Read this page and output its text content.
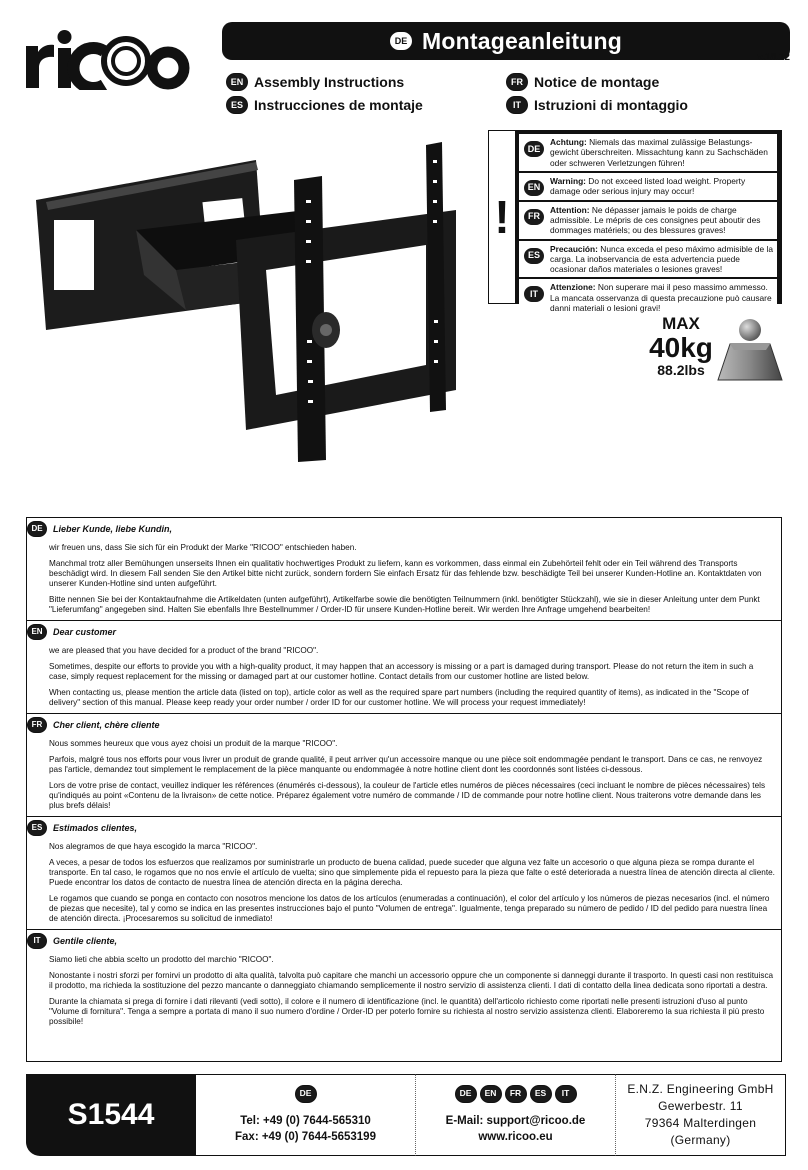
DE Montageanleitung
v.18.12
EN Assembly Instructions	FR Notice de montage
ES Instrucciones de montaje	IT Istruzioni di montaggio
!
DE
Achtung: Niemals das maximal zulässige Belastungs-gewicht überschreiten. Missachtung kann zu Sachschäden oder schweren Verletzungen führen!
EN
Warning: Do not exceed listed load weight. Property damage oder serious injury may occur!
FR
Attention: Ne dépasser jamais le poids de charge admissible. Le mépris de ces consignes peut aboutir des dommages matériels; ou des blessures graves!
ES
Precaución: Nunca exceda el peso máximo admisible de la carga. La inobservancia de esta advertencia puede ocasionar daños materiales o lesiones graves!
IT
Attenzione: Non superare mai il peso massimo ammesso. La mancata osservanza di questa precauzione può causare danni materiali o lesioni gravi!
MAX
40kg
88.2lbs
DE	Lieber Kunde, liebe Kundin,

wir freuen uns, dass Sie sich für ein Produkt der Marke "RICOO" entschieden haben.

Manchmal trotz aller Bemühungen unserseits Ihnen ein qualitativ hochwertiges Produkt zu liefern, kann es vorkommen, dass einmal ein Zubehörteil fehlt oder ein Teil während des Transports beschädigt wird. In diesem Fall senden Sie den Artikel bitte nicht zurück, sondern fordern Sie einfach Ersatz für das fehlende bzw. beschädigte Teil bei unserer Kunden-Hotline an. Kontaktdaten von unserer Kunden-Hotline sind unten aufgeführt.

Bitte nennen Sie bei der Kontaktaufnahme die Artikeldaten (unten aufgeführt), Artikelfarbe sowie die benötigten Teilnummern (inkl. benötigter Stückzahl), wie sie in dieser Anleitung unter dem Punkt "Lieferumfang" angegeben sind. Halten Sie ebenfalls Ihre Bestellnummer / Order-ID für unsere Kunden-Hotline bereit. Wir werden Ihre Anfrage umgehend bearbeiten!

EN	Dear customer

we are pleased that you have decided for a product of the brand "RICOO".

Sometimes, despite our efforts to provide you with a high-quality product, it may happen that an accessory is missing or a part is damaged during transport. Please do not return the item in such a case, simply request replacement for the missing or damaged part at our customer hotline. Contact details from our customer hotline are listed below.

When contacting us, please mention the article data (listed on top), article color as well as the required spare part numbers (including the required quantity of items), as indicated in the "Scope of delivery" section of this manual. Please keep ready your order number / order ID for our customer hotline. We will process your request immediately!

FR	Cher client, chère cliente

Nous sommes heureux que vous ayez choisi un produit de la marque "RICOO".

Parfois, malgré tous nos efforts pour vous livrer un produit de grande qualité, il peut arriver qu'un accessoire manque ou une pièce soit endommagée pendant le transport. Dans ce cas, ne renvoyez pas l'article, demandez tout simplement le remplacement de la pièce manquante ou endommagée à notre hotline client dont les coordonnés sont listées ci-dessous.

Lors de votre prise de contact, veuillez indiquer les références (énumérés ci-dessous), la couleur de l'article etles numéros de pièces nécessaires (ceci incluant le nombre de pièces nécessaires) tels qu'indiqués au point «Contenu de la livraison» de cette notice. Préparez également votre numéro de commande / ID de commande pour notre hotline client. Nous traiterons votre demande dans les plus brefs délais!

ES	Estimados clientes,

Nos alegramos de que haya escogido la marca "RICOO".

A veces, a pesar de todos los esfuerzos que realizamos por suministrarle un producto de buena calidad, puede suceder que alguna vez falte un accesorio o que alguna pieza se rompa durante el transporte. En tal caso, le rogamos que no nos envíe el artículo de vuelta; sino que simplemente pida el repuesto para la pieza que falte o esté deteriorada a nuestra línea de atención directa al cliente. Puede encontrar los datos de contacto de nuestra línea de atención directa en la página derecha.

Le rogamos que cuando se ponga en contacto con nosotros mencione los datos de los artículos (enumeradas a continuación), el color del artículo y los números de piezas necesarios (incl. el número de piezas que necesite), tal y como se indica en las presentes instrucciones bajo el punto "Volumen de entrega". Igualmente, tenga preparado su número de pedido / ID del pedido para nuestra línea de atención directa. ¡Procesaremos su solicitud de inmediato!

IT	Gentile cliente,

Siamo lieti che abbia scelto un prodotto del marchio "RICOO".

Nonostante i nostri sforzi per fornirvi un prodotto di alta qualità, talvolta può capitare che manchi un accessorio oppure che un componente si danneggi durante il trasporto. In questi casi non restituisca il prodotto, ma richieda la sostituzione del pezzo mancante o danneggiato chiamando semplicemente il nostro servizio di assistenza clienti. I dati di contatto della linea dedicata sono riportati a destra.

Durante la chiamata si prega di fornire i dati rilevanti (vedi sotto), il colore e il numero di identificazione (incl. le quantità) dell'articolo richiesto come riportati nelle presenti istruzioni d'uso al punto "Volume di fornitura". Tenga a sempre a portata di mano il suo numero d'ordine / Order-ID per poterlo fornire su richiesta al nostro servizio assistenza clienti. Elaboreremo la sua richiesta il più presto possibile!

S1544
DE
Tel: +49 (0) 7644-565310
Fax: +49 (0) 7644-5653199
DE	EN	FR	ES	IT
E-Mail: support@ricoo.de
www.ricoo.eu
E.N.Z. Engineering GmbH
Gewerbestr. 11
79364 Malterdingen
(Germany)
